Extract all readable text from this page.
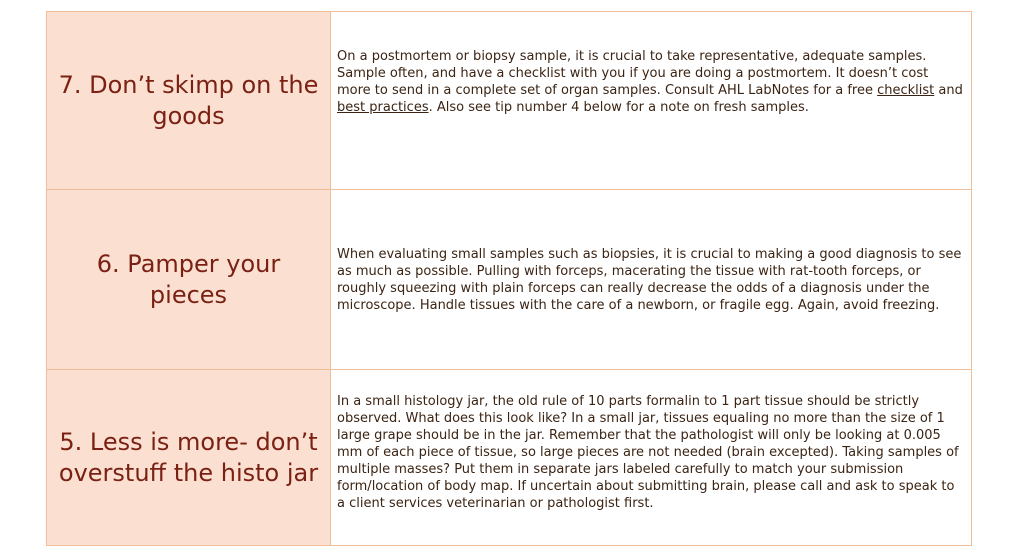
7. Don’t skimp on the goods	On a postmortem or biopsy sample, it is crucial to take representative, adequate samples. Sample often, and have a checklist with you if you are doing a postmortem. It doesn’t cost more to send in a complete set of organ samples. Consult AHL LabNotes for a free checklist and best practices. Also see tip number 4 below for a note on fresh samples.

6. Pamper your pieces	When evaluating small samples such as biopsies, it is crucial to making a good diagnosis to see as much as possible. Pulling with forceps, macerating the tissue with rat-tooth forceps, or roughly squeezing with plain forceps can really decrease the odds of a diagnosis under the microscope. Handle tissues with the care of a newborn, or fragile egg. Again, avoid freezing.

5. Less is more- don’t overstuff the histo jar	In a small histology jar, the old rule of 10 parts formalin to 1 part tissue should be strictly observed. What does this look like? In a small jar, tissues equaling no more than the size of 1 large grape should be in the jar. Remember that the pathologist will only be looking at 0.005 mm of each piece of tissue, so large pieces are not needed (brain excepted). Taking samples of multiple masses? Put them in separate jars labeled carefully to match your submission form/location of body map. If uncertain about submitting brain, please call and ask to speak to a client services veterinarian or pathologist first.
